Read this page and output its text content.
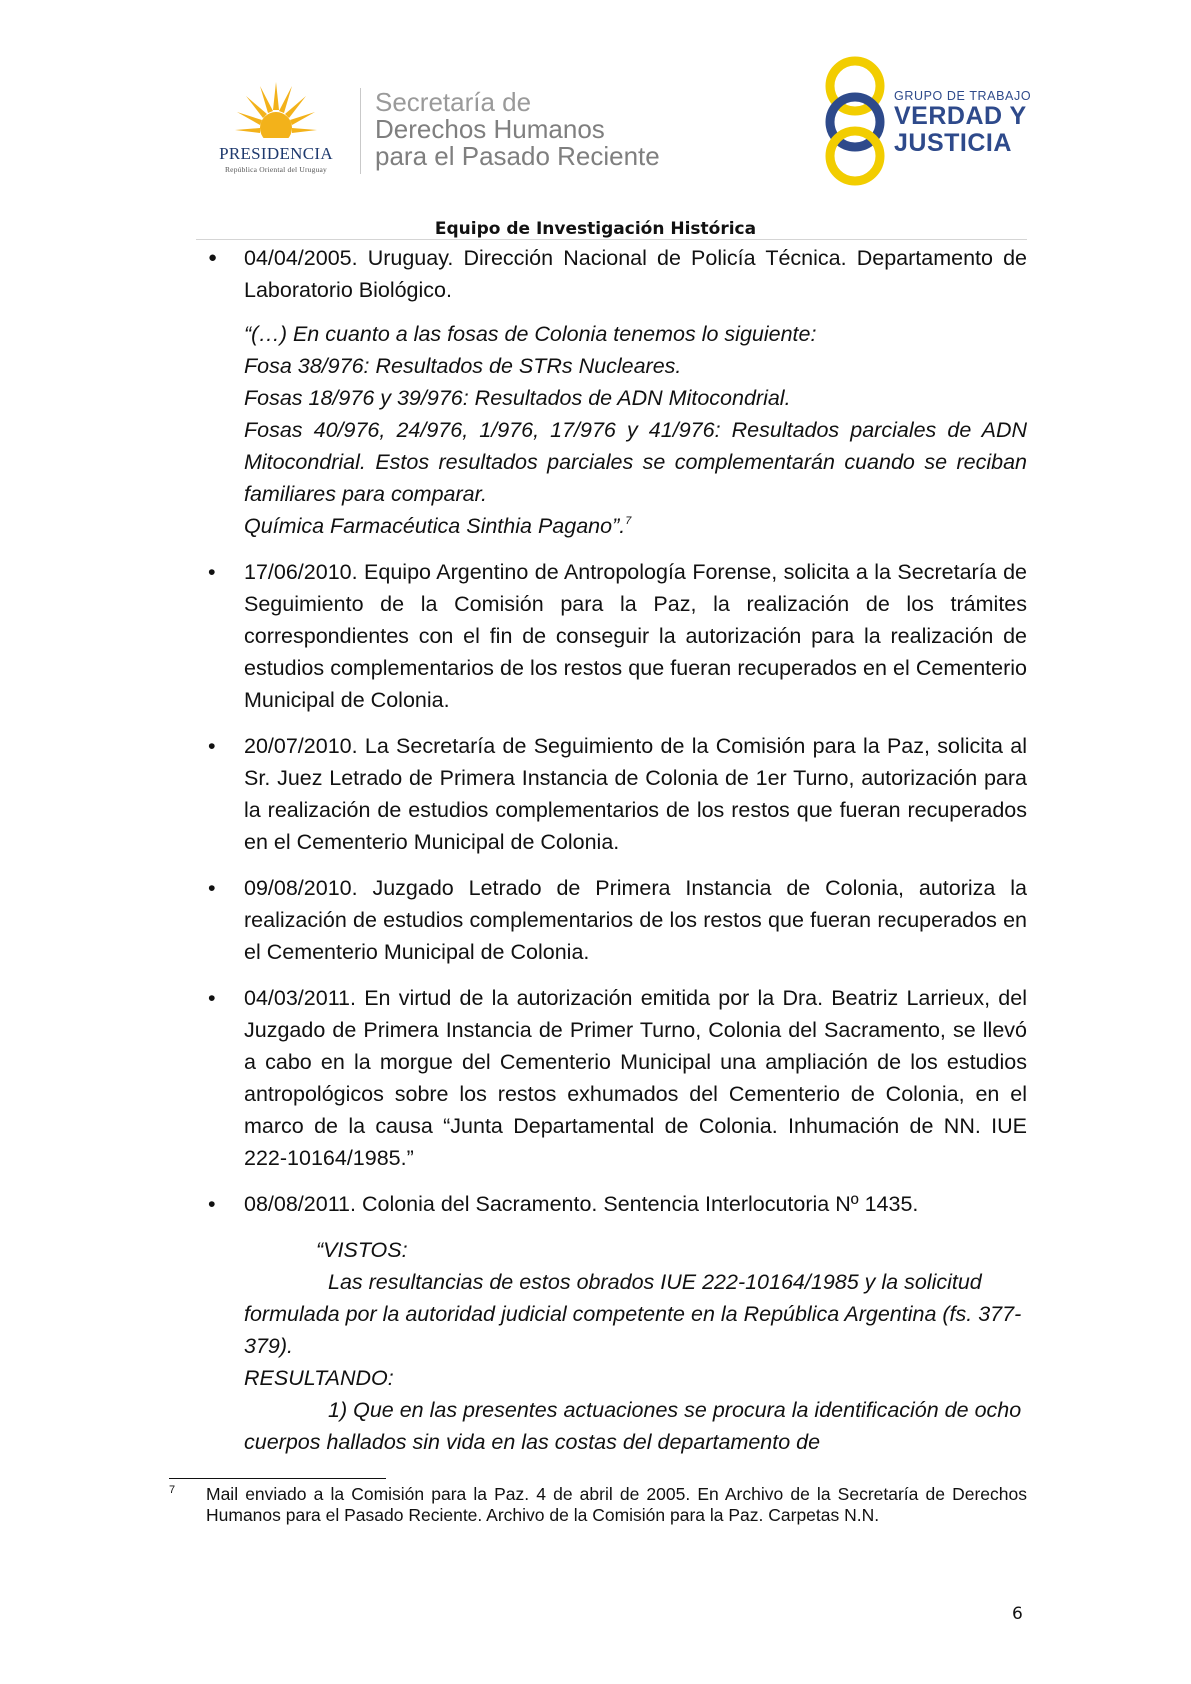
PRESIDENCIA
República Oriental del Uruguay
Secretaría de
Derechos Humanos
para el Pasado Reciente
GRUPO DE TRABAJO
VERDAD Y
JUSTICIA
Equipo de Investigación Histórica
●	04/04/2005. Uruguay. Dirección Nacional de Policía Técnica. Departamento de Laboratorio Biológico.
“(…) En cuanto a las fosas de Colonia tenemos lo siguiente:
Fosa 38/976: Resultados de STRs Nucleares.
Fosas 18/976 y 39/976: Resultados de ADN Mitocondrial.
Fosas 40/976, 24/976, 1/976, 17/976 y 41/976: Resultados parciales de ADN Mitocondrial. Estos resultados parciales se complementarán cuando se reciban familiares para comparar.
Química Farmacéutica Sinthia Pagano”.$^7$
•	17/06/2010. Equipo Argentino de Antropología Forense, solicita a la Secretaría de Seguimiento de la Comisión para la Paz, la realización de los trámites correspondientes con el fin de conseguir la autorización para la realización de estudios complementarios de los restos que fueran recuperados en el Cementerio Municipal de Colonia.
•	20/07/2010. La Secretaría de Seguimiento de la Comisión para la Paz, solicita al Sr. Juez Letrado de Primera Instancia de Colonia de 1er Turno, autorización para la realización de estudios complementarios de los restos que fueran recuperados en el Cementerio Municipal de Colonia.
•	09/08/2010. Juzgado Letrado de Primera Instancia de Colonia, autoriza la realización de estudios complementarios de los restos que fueran recuperados en el Cementerio Municipal de Colonia.
•	04/03/2011. En virtud de la autorización emitida por la Dra. Beatriz Larrieux, del Juzgado de Primera Instancia de Primer Turno, Colonia del Sacramento, se llevó a cabo en la morgue del Cementerio Municipal una ampliación de los estudios antropológicos sobre los restos exhumados del Cementerio de Colonia, en el marco de la causa “Junta Departamental de Colonia. Inhumación de NN. IUE 222-10164/1985.”
•	08/08/2011. Colonia del Sacramento. Sentencia Interlocutoria Nº 1435.
“VISTOS:
Las resultancias de estos obrados IUE 222-10164/1985 y la solicitud formulada por la autoridad judicial competente en la República Argentina (fs. 377-379).
RESULTANDO:
1) Que en las presentes actuaciones se procura la identificación de ocho cuerpos hallados sin vida en las costas del departamento de
7 Mail enviado a la Comisión para la Paz. 4 de abril de 2005. En Archivo de la Secretaría de Derechos Humanos para el Pasado Reciente. Archivo de la Comisión para la Paz. Carpetas N.N.
6
